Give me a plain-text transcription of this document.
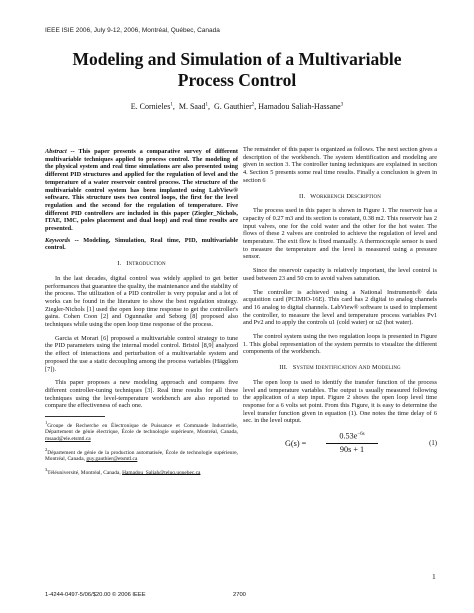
IEEE ISIE 2006, July 9-12, 2006, Montréal, Québec, Canada
Modeling and Simulation of a Multivariable
Process Control
E. Cornieles$^1$,  M. Saad$^1$,  G. Gauthier$^2$, Hamadou Saliah-Hassane$^3$

Abstract -- This paper presents a comparative survey of different multivariable techniques applied to process control. The modeling of the physical system and real time simulations are also presented using different PID structures and applied for the regulation of level and the temperature of a water reservoir control process. The structure of the multivariable control system has been implanted using LabView® software. This structure uses two control loops, the first for the level regulation and the second for the regulation of temperature. Five different PID controllers are included in this paper (Ziegler_Nichols, ITAE, IMC, poles placement and dual loop) and real time results are presented.

Keywords -- Modeling, Simulation, Real time, PID, multivariable control.

I. INTRODUCTION

In the last decades, digital control was widely applied to get better performances that guarantee the quality, the maintenance and the stability of the process. The utilization of a PID controller is very popular and a lot of works can be found in the literature to show the best regulation strategy. Ziegler-Nichols [1] used the open loop time response to get the controller's gains. Cohen Coon [2] and Ogunnaike and Seborg [8] proposed also techniques while using the open loop time response of the process.

Garcia et Morari [6] proposed a multivariable control strategy to tune the PID parameters using the internal model control. Bristol [8,9] analyzed the effect of interactions and perturbation of a multivariable system and proposed the use a static decoupling among the process variables (Hägglom [7]).

This paper proposes a new modeling approach and compares five different controller-tuning techniques [3]. Real time results for all these techniques using the level-temperature workbench are also reported to compare the effectiveness of each one.

$^1$Groupe de Recherche en Électronique de Puissance et Commande Industrielle, Département de génie électrique, École de technologie supérieure, Montréal, Canada, msaad@ele.etsmtl.ca
$^2$Département de génie de la production automatisée, École de technologie supérieure, Montréal, Canada, guy.gauthier@etsmtl.ca
$^3$Téléuniversité, Montréal, Canada, Hamadou_Saliah@teluq.uquebec.ca

The remainder of this paper is organized as follows. The next section gives a description of the workbench. The system identification and modeling are given in section 3. The controller tuning techniques are explained in section 4. Section 5 presents some real time results. Finally a conclusion is given in section 6

II. WORKBENCH DESCRIPTION

The process used in this paper is shown in Figure 1. The reservoir has a capacity of 0.27 m3 and its section is constant, 0.38 m2. This reservoir has 2 input valves, one for the cold water and the other for the hot water. The flows of these 2 valves are controled to achieve the regulation of level and temperature. The exit flow is fixed manually. A thermocouple sensor is used to measure the temperature and the level is measured using a pressure sensor.

Since the reservoir capacity is relatively important, the level control is used between 23 and 50 cm to avoid valves saturation.

The controller is achieved using a National Instruments® data acquisition card (PCIMIO-16E). This card has 2 digital to analog channels and 16 analog to digital channels. LabView® software is used to implement the controller, to measure the level and temperature process variables Pv1 and Pv2 and to apply the controls u1 (cold water) or u2 (hot water).

The control system using the two regulation loops is presented in Figure 1. This global representation of the system permits to visualize the different components of the workbench.

III. SYSTEM IDENTIFICATION AND MODELING

The open loop is used to identify the transfer function of the process level and temperature variables. The output is usually measured following the application of a step input. Figure 2 shows the open loop level time response for a 6 volts set point. From this Figure, it is easy to determine the level transfer function given in equation (1). One notes the time delay of 6 sec. in the level output.

$G(s) = \frac{0.53e^{-6s}}{90s + 1}$	(1)
1
1-4244-0497-5/06/$20.00 © 2006 IEEE	2700
